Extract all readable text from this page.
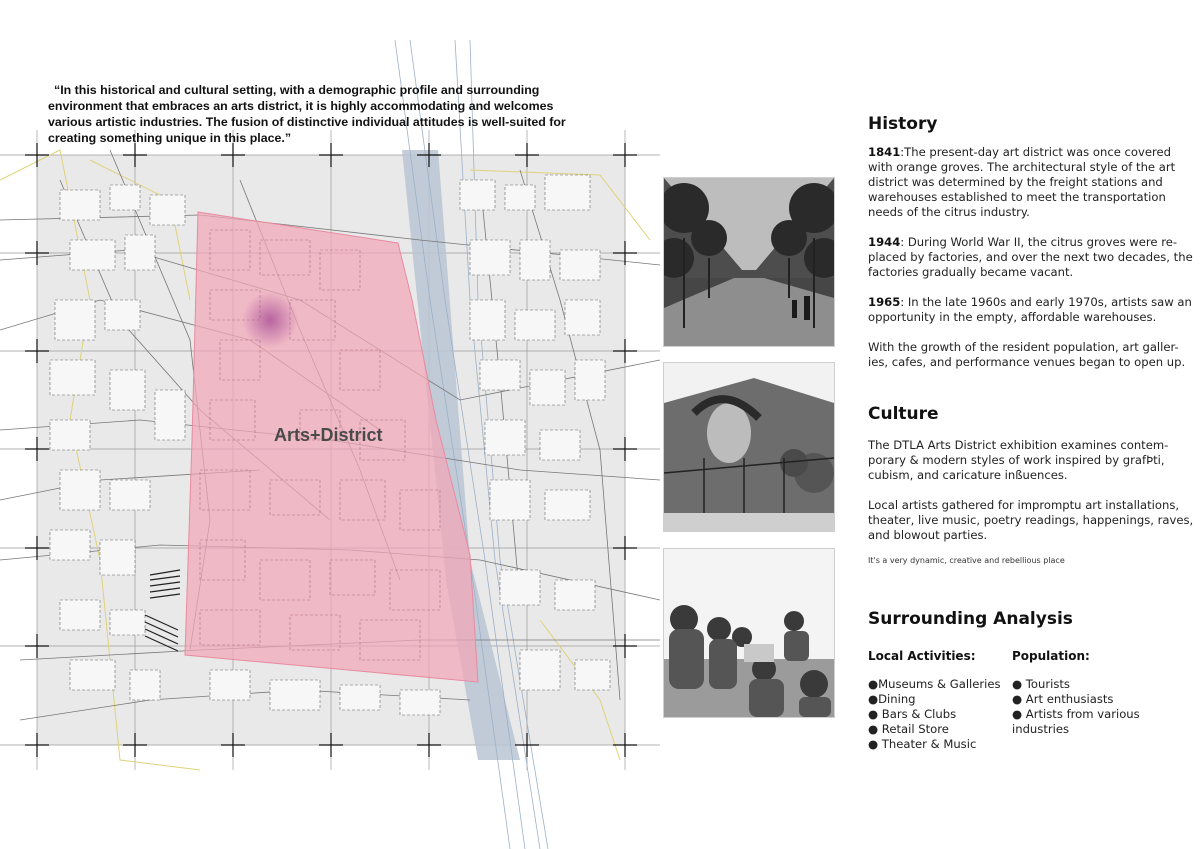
Arts+District

“In this historical and cultural setting, with a demographic profile and surrounding environment that embraces an arts district, it is highly accommodating and welcomes various artistic industries. The fusion of distinctive individual attitudes is well-suited for creating something unique in this place.”

History

1841:The present-day art district was once covered with orange groves. The architectural style of the art district was determined by the freight stations and warehouses established to meet the transportation needs of the citrus industry.

1944: During World War II, the citrus groves were re-placed by factories, and over the next two decades, the factories gradually became vacant.

1965: In the late 1960s and early 1970s, artists saw an opportunity in the empty, affordable warehouses.

With the growth of the resident population, art galler-ies, cafes, and performance venues began to open up.

Culture

The DTLA Arts District exhibition examines contem-porary & modern styles of work inspired by grafÞti, cubism, and caricature inßuences.

Local artists gathered for impromptu art installations, theater, live music, poetry readings, happenings, raves, and blowout parties.

It's a very dynamic, creative and rebellious place

Surrounding Analysis
Local Activities:	Population:
●Museums & Galleries
●Dining
● Bars & Clubs
● Retail Store
● Theater & Music
● Tourists
● Art enthusiasts
● Artists from various industries
